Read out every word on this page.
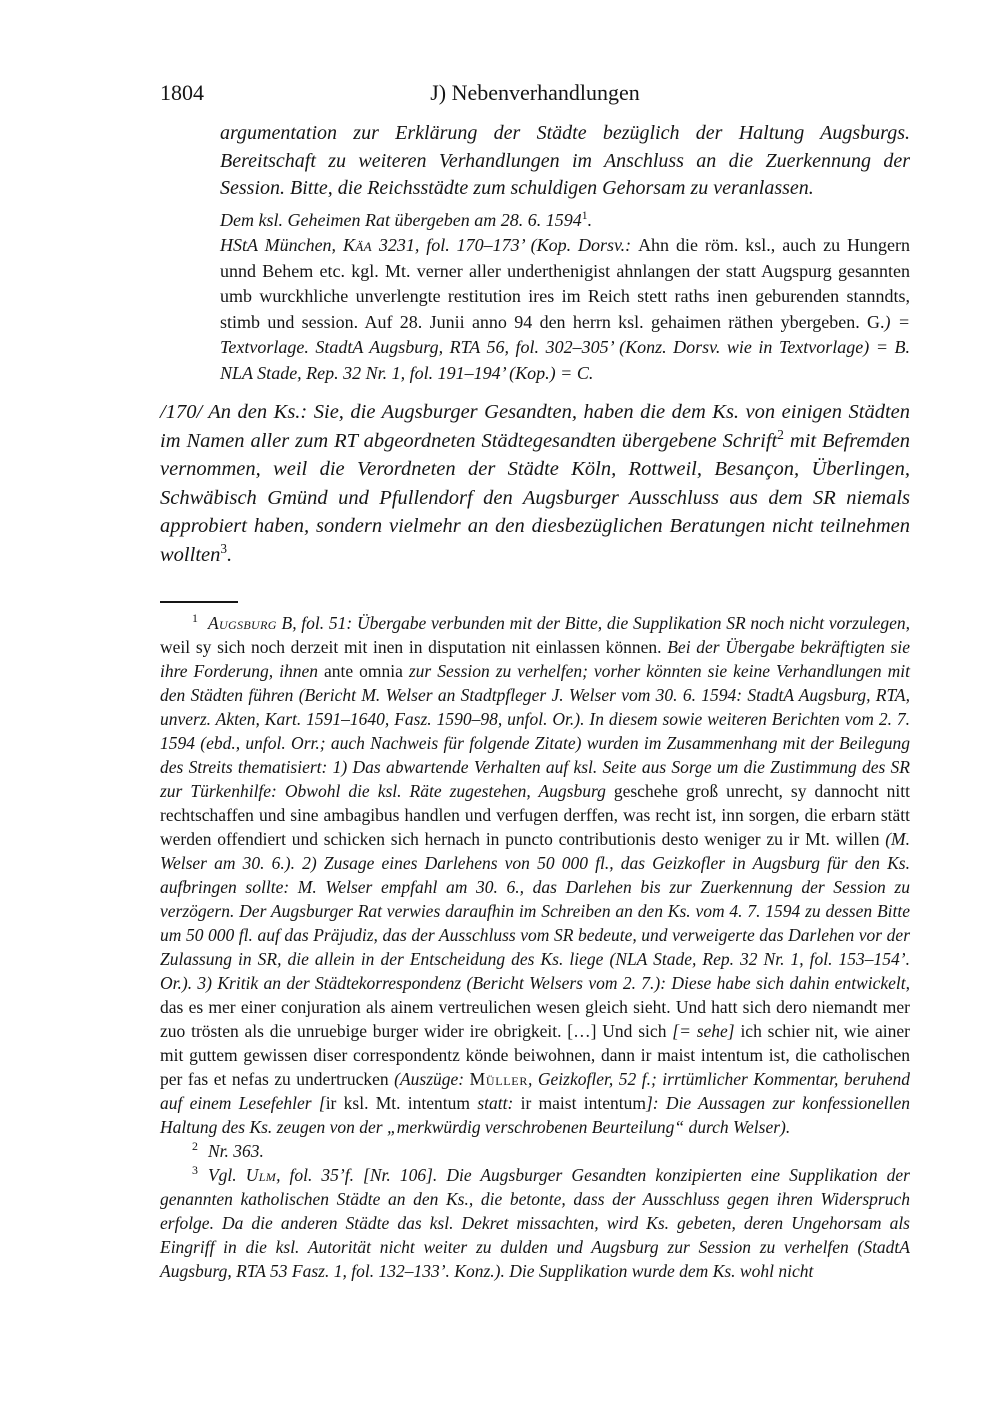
1804	J) Nebenverhandlungen

argumentation zur Erklärung der Städte bezüglich der Haltung Augsburgs. Bereitschaft zu weiteren Verhandlungen im Anschluss an die Zuerkennung der Session. Bitte, die Reichsstädte zum schuldigen Gehorsam zu veranlassen.

Dem ksl. Geheimen Rat übergeben am 28. 6. 1594$^1$.

HStA München, Käa 3231, fol. 170–173’ (Kop. Dorsv.: Ahn die röm. ksl., auch zu Hungern unnd Behem etc. kgl. Mt. verner aller underthenigist ahnlangen der statt Augspurg gesannten umb wurckhliche unverlengte restitution ires im Reich stett raths inen geburenden stanndts, stimb und session. Auf 28. Junii anno 94 den herrn ksl. gehaimen räthen ybergeben. G.) = Textvorlage. StadtA Augsburg, RTA 56, fol. 302–305’ (Konz. Dorsv. wie in Textvorlage) = B. NLA Stade, Rep. 32 Nr. 1, fol. 191–194’ (Kop.) = C.

/170/ An den Ks.: Sie, die Augsburger Gesandten, haben die dem Ks. von einigen Städten im Namen aller zum RT abgeordneten Städtegesandten übergebene Schrift$^2$ mit Befremden vernommen, weil die Verordneten der Städte Köln, Rottweil, Besançon, Überlingen, Schwäbisch Gmünd und Pfullendorf den Augsburger Ausschluss aus dem SR niemals approbiert haben, sondern vielmehr an den diesbezüglichen Beratungen nicht teilnehmen wollten$^3$.

$^1$ Augsburg B, fol. 51: Übergabe verbunden mit der Bitte, die Supplikation SR noch nicht vorzulegen, weil sy sich noch derzeit mit inen in disputation nit einlassen können. Bei der Übergabe bekräftigten sie ihre Forderung, ihnen ante omnia zur Session zu verhelfen; vorher könnten sie keine Verhandlungen mit den Städten führen (Bericht M. Welser an Stadtpfleger J. Welser vom 30. 6. 1594: StadtA Augsburg, RTA, unverz. Akten, Kart. 1591–1640, Fasz. 1590–98, unfol. Or.). In diesem sowie weiteren Berichten vom 2. 7. 1594 (ebd., unfol. Orr.; auch Nachweis für folgende Zitate) wurden im Zusammenhang mit der Beilegung des Streits thematisiert: 1) Das abwartende Verhalten auf ksl. Seite aus Sorge um die Zustimmung des SR zur Türkenhilfe: Obwohl die ksl. Räte zugestehen, Augsburg geschehe groß unrecht, sy dannocht nitt rechtschaffen und sine ambagibus handlen und verfugen derffen, was recht ist, inn sorgen, die erbarn stätt werden offendiert und schicken sich hernach in puncto contributionis desto weniger zu ir Mt. willen (M. Welser am 30. 6.). 2) Zusage eines Darlehens von 50 000 fl., das Geizkofler in Augsburg für den Ks. aufbringen sollte: M. Welser empfahl am 30. 6., das Darlehen bis zur Zuerkennung der Session zu verzögern. Der Augsburger Rat verwies daraufhin im Schreiben an den Ks. vom 4. 7. 1594 zu dessen Bitte um 50 000 fl. auf das Präjudiz, das der Ausschluss vom SR bedeute, und verweigerte das Darlehen vor der Zulassung in SR, die allein in der Entscheidung des Ks. liege (NLA Stade, Rep. 32 Nr. 1, fol. 153–154’. Or.). 3) Kritik an der Städtekorrespondenz (Bericht Welsers vom 2. 7.): Diese habe sich dahin entwickelt, das es mer einer conjuration als ainem vertreulichen wesen gleich sieht. Und hatt sich dero niemandt mer zuo trösten als die unruebige burger wider ire obrigkeit. […] Und sich [= sehe] ich schier nit, wie ainer mit guttem gewissen diser correspondentz könde beiwohnen, dann ir maist intentum ist, die catholischen per fas et nefas zu undertrucken (Auszüge: Müller, Geizkofler, 52 f.; irrtümlicher Kommentar, beruhend auf einem Lesefehler [ir ksl. Mt. intentum statt: ir maist intentum]: Die Aussagen zur konfessionellen Haltung des Ks. zeugen von der „merkwürdig verschrobenen Beurteilung“ durch Welser).

$^2$ Nr. 363.

$^3$ Vgl. Ulm, fol. 35’f. [Nr. 106]. Die Augsburger Gesandten konzipierten eine Supplikation der genannten katholischen Städte an den Ks., die betonte, dass der Ausschluss gegen ihren Widerspruch erfolge. Da die anderen Städte das ksl. Dekret missachten, wird Ks. gebeten, deren Ungehorsam als Eingriff in die ksl. Autorität nicht weiter zu dulden und Augsburg zur Session zu verhelfen (StadtA Augsburg, RTA 53 Fasz. 1, fol. 132–133’. Konz.). Die Supplikation wurde dem Ks. wohl nicht
